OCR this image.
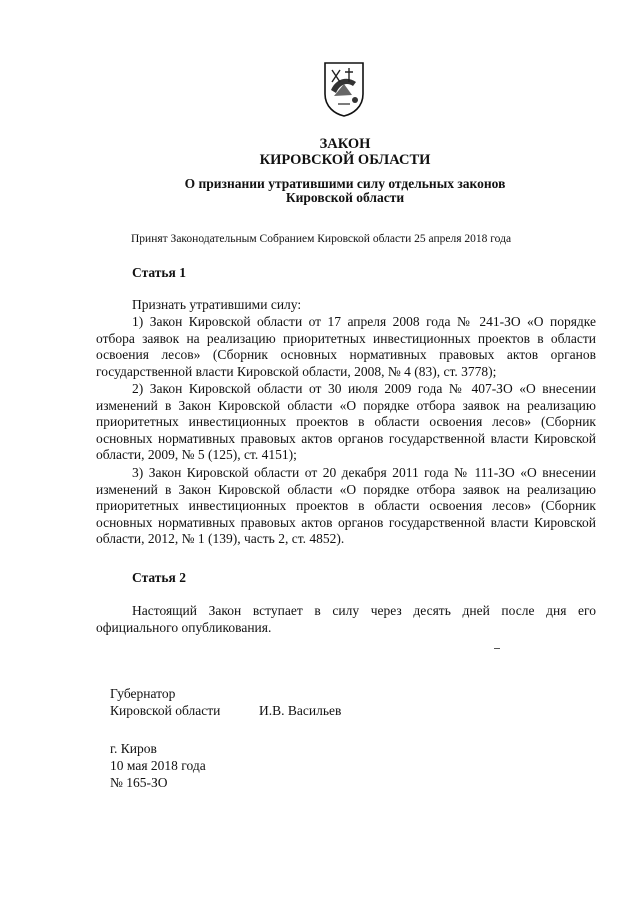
ЗАКОН
КИРОВСКОЙ ОБЛАСТИ
О признании утратившими силу отдельных законов
Кировской области
Принят Законодательным Собранием Кировской области 25 апреля 2018 года
Статья 1

Признать утратившими силу:

1) Закон Кировской области от 17 апреля 2008 года № 241-ЗО «О порядке отбора заявок на реализацию приоритетных инвестиционных проектов в области освоения лесов» (Сборник основных нормативных правовых актов органов государственной власти Кировской области, 2008, № 4 (83), ст. 3778);

2) Закон Кировской области от 30 июля 2009 года № 407-ЗО «О внесении изменений в Закон Кировской области «О порядке отбора заявок на реализацию приоритетных инвестиционных проектов в области освоения лесов» (Сборник основных нормативных правовых актов органов государственной власти Кировской области, 2009, № 5 (125), ст. 4151);

3) Закон Кировской области от 20 декабря 2011 года № 111-ЗО «О внесении изменений в Закон Кировской области «О порядке отбора заявок на реализацию приоритетных инвестиционных проектов в области освоения лесов» (Сборник основных нормативных правовых актов органов государственной власти Кировской области, 2012, № 1 (139), часть 2, ст. 4852).

Статья 2

Настоящий Закон вступает в силу через десять дней после дня его официального опубликования.

Губернатор
Кировской области	И.В. Васильев
г. Киров
10 мая 2018 года
№ 165-ЗО
